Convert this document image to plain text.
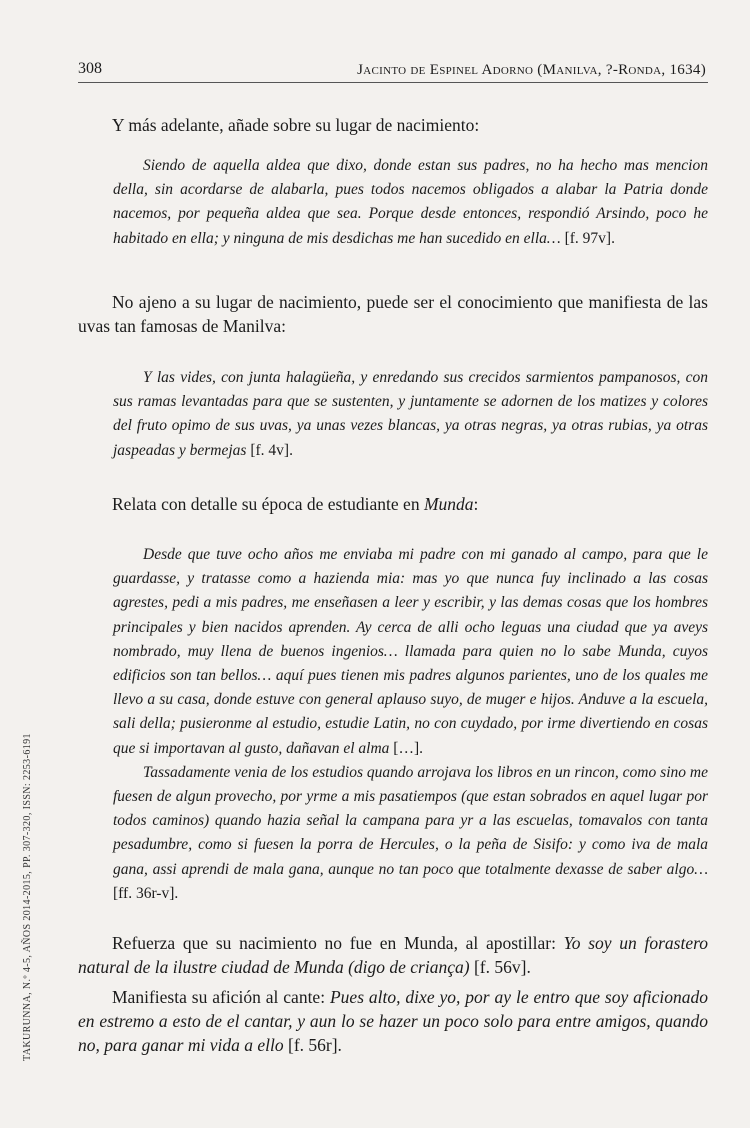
308	Jacinto de Espinel Adorno (Manilva, ?-Ronda, 1634)
TAKURUNNA, N.º 4-5, AÑOS 2014-2015, PP. 307-320, ISSN: 2253-6191
Y más adelante, añade sobre su lugar de nacimiento:

Siendo de aquella aldea que dixo, donde estan sus padres, no ha hecho mas mencion della, sin acordarse de alabarla, pues todos nacemos obligados a alabar la Patria donde nacemos, por pequeña aldea que sea. Porque desde entonces, respondió Arsindo, poco he habitado en ella; y ninguna de mis desdichas me han sucedido en ella… [f. 97v].

No ajeno a su lugar de nacimiento, puede ser el conocimiento que manifiesta de las uvas tan famosas de Manilva:

Y las vides, con junta halagüeña, y enredando sus crecidos sarmientos pampanosos, con sus ramas levantadas para que se sustenten, y juntamente se adornen de los matizes y colores del fruto opimo de sus uvas, ya unas vezes blancas, ya otras negras, ya otras rubias, ya otras jaspeadas y bermejas [f. 4v].

Relata con detalle su época de estudiante en Munda:

Desde que tuve ocho años me enviaba mi padre con mi ganado al campo, para que le guardasse, y tratasse como a hazienda mia: mas yo que nunca fuy inclinado a las cosas agrestes, pedi a mis padres, me enseñasen a leer y escribir, y las demas cosas que los hombres principales y bien nacidos aprenden. Ay cerca de alli ocho leguas una ciudad que ya aveys nombrado, muy llena de buenos ingenios… llamada para quien no lo sabe Munda, cuyos edificios son tan bellos… aquí pues tienen mis padres algunos parientes, uno de los quales me llevo a su casa, donde estuve con general aplauso suyo, de muger e hijos. Anduve a la escuela, sali della; pusieronme al estudio, estudie Latin, no con cuydado, por irme divertiendo en cosas que si importavan al gusto, dañavan el alma […].

Tassadamente venia de los estudios quando arrojava los libros en un rincon, como sino me fuesen de algun provecho, por yrme a mis pasatiempos (que estan sobrados en aquel lugar por todos caminos) quando hazia señal la campana para yr a las escuelas, tomavalos con tanta pesadumbre, como si fuesen la porra de Hercules, o la peña de Sisifo: y como iva de mala gana, assi aprendi de mala gana, aunque no tan poco que totalmente dexasse de saber algo… [ff. 36r-v].

Refuerza que su nacimiento no fue en Munda, al apostillar: Yo soy un forastero natural de la ilustre ciudad de Munda (digo de criança) [f. 56v].
Manifiesta su afición al cante: Pues alto, dixe yo, por ay le entro que soy aficionado en estremo a esto de el cantar, y aun lo se hazer un poco solo para entre amigos, quando no, para ganar mi vida a ello [f. 56r].
